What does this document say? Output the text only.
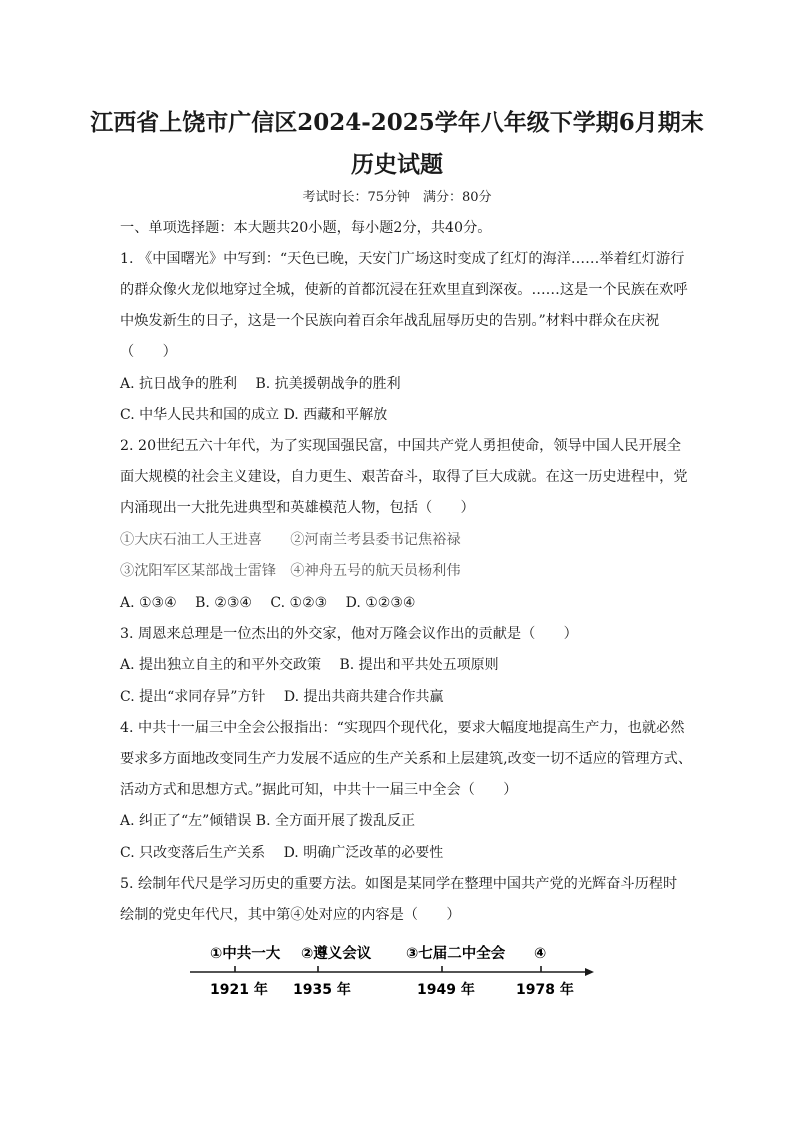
江西省上饶市广信区2024-2025学年八年级下学期6月期末
历史试题
考试时长：75分钟　满分：80分
一、单项选择题：本大题共20小题，每小题2分，共40分。
1. 《中国曙光》中写到：“天色已晚，天安门广场这时变成了红灯的海洋……举着红灯游行
的群众像火龙似地穿过全城，使新的首都沉浸在狂欢里直到深夜。……这是一个民族在欢呼
中焕发新生的日子，这是一个民族向着百余年战乱屈辱历史的告别。”材料中群众在庆祝
（　　）
A. 抗日战争的胜利　 B. 抗美援朝战争的胜利
C. 中华人民共和国的成立 D. 西藏和平解放
2. 20世纪五六十年代，为了实现国强民富，中国共产党人勇担使命，领导中国人民开展全
面大规模的社会主义建设，自力更生、艰苦奋斗，取得了巨大成就。在这一历史进程中，党
内涌现出一大批先进典型和英雄模范人物，包括（　　）
①大庆石油工人王进喜　　②河南兰考县委书记焦裕禄
③沈阳军区某部战士雷锋　④神舟五号的航天员杨利伟
A. ①③④　 B. ②③④　 C. ①②③　 D. ①②③④
3. 周恩来总理是一位杰出的外交家，他对万隆会议作出的贡献是（　　）
A. 提出独立自主的和平外交政策　 B. 提出和平共处五项原则
C. 提出“求同存异”方针　 D. 提出共商共建合作共赢
4. 中共十一届三中全会公报指出：“实现四个现代化，要求大幅度地提高生产力，也就必然
要求多方面地改变同生产力发展不适应的生产关系和上层建筑,改变一切不适应的管理方式、
活动方式和思想方式。”据此可知，中共十一届三中全会（　　）
A. 纠正了“左”倾错误 B. 全方面开展了拨乱反正
C. 只改变落后生产关系　 D. 明确广泛改革的必要性
5. 绘制年代尺是学习历史的重要方法。如图是某同学在整理中国共产党的光辉奋斗历程时
绘制的党史年代尺，其中第④处对应的内容是（　　）
①中共一大 ②遵义会议 ③七届二中全会 ④
1921 年 1935 年	1949 年	1978 年
